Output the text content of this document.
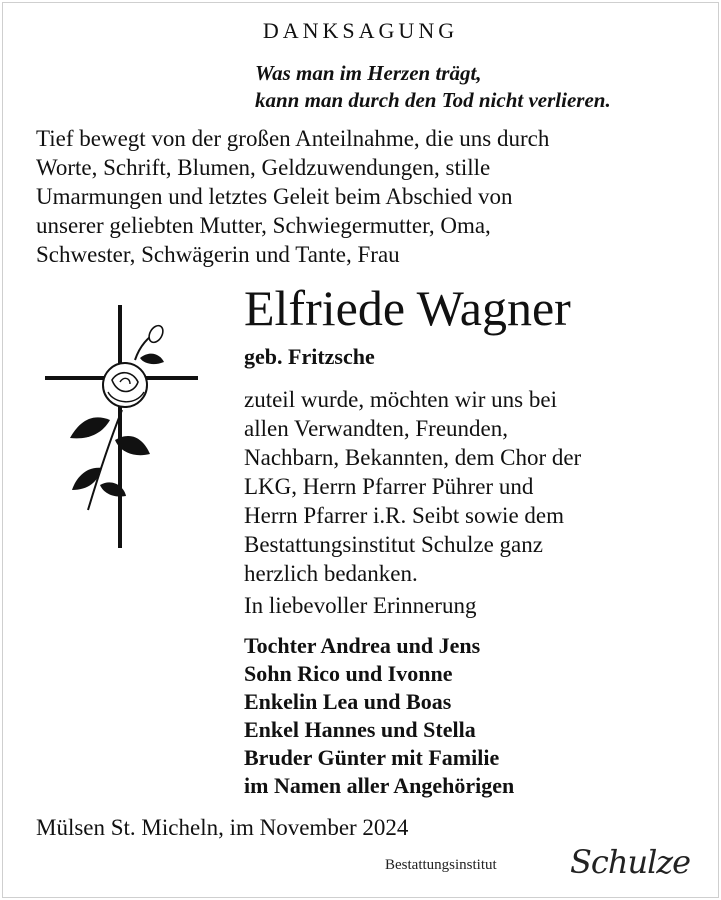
DANKSAGUNG
Was man im Herzen trägt,
kann man durch den Tod nicht verlieren.
Tief bewegt von der großen Anteilnahme, die uns durch
Worte, Schrift, Blumen, Geldzuwendungen, stille
Umarmungen und letztes Geleit beim Abschied von
unserer geliebten Mutter, Schwiegermutter, Oma,
Schwester, Schwägerin und Tante, Frau
Elfriede Wagner
geb. Fritzsche
zuteil wurde, möchten wir uns bei
allen Verwandten, Freunden,
Nachbarn, Bekannten, dem Chor der
LKG, Herrn Pfarrer Pührer und
Herrn Pfarrer i.R. Seibt sowie dem
Bestattungsinstitut Schulze ganz
herzlich bedanken.
In liebevoller Erinnerung
Tochter Andrea und Jens
Sohn Rico und Ivonne
Enkelin Lea und Boas
Enkel Hannes und Stella
Bruder Günter mit Familie
im Namen aller Angehörigen
Mülsen St. Micheln, im November 2024
Bestattungsinstitut Schulze
